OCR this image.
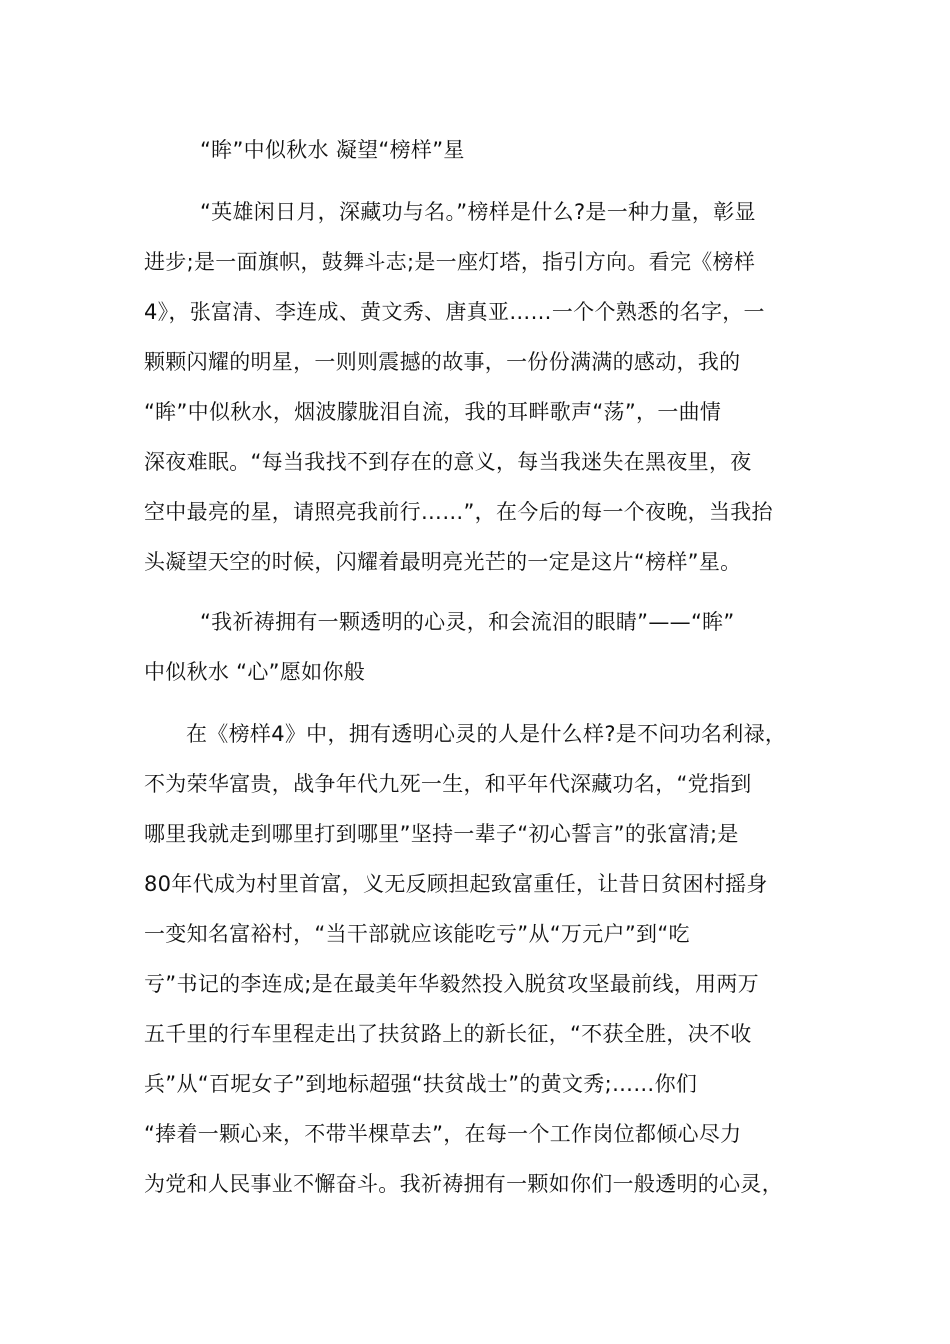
“眸”中似秋水 凝望“榜样”星
“英雄闲日月，深藏功与名。”榜样是什么?是一种力量，彰显
进步;是一面旗帜，鼓舞斗志;是一座灯塔，指引方向。看完《榜样
4》，张富清、李连成、黄文秀、唐真亚……一个个熟悉的名字，一
颗颗闪耀的明星，一则则震撼的故事，一份份满满的感动，我的
“眸”中似秋水，烟波朦胧泪自流，我的耳畔歌声“荡”，一曲情
深夜难眠。“每当我找不到存在的意义，每当我迷失在黑夜里，夜
空中最亮的星，请照亮我前行……”，在今后的每一个夜晚，当我抬
头凝望天空的时候，闪耀着最明亮光芒的一定是这片“榜样”星。
“我祈祷拥有一颗透明的心灵，和会流泪的眼睛”——“眸”
中似秋水 “心”愿如你般
在《榜样4》中，拥有透明心灵的人是什么样?是不问功名利禄，
不为荣华富贵，战争年代九死一生，和平年代深藏功名，“党指到
哪里我就走到哪里打到哪里”坚持一辈子“初心誓言”的张富清;是
80年代成为村里首富，义无反顾担起致富重任，让昔日贫困村摇身
一变知名富裕村，“当干部就应该能吃亏”从“万元户”到“吃
亏”书记的李连成;是在最美年华毅然投入脱贫攻坚最前线，用两万
五千里的行车里程走出了扶贫路上的新长征，“不获全胜，决不收
兵”从“百坭女子”到地标超强“扶贫战士”的黄文秀;……你们
“捧着一颗心来，不带半棵草去”，在每一个工作岗位都倾心尽力
为党和人民事业不懈奋斗。我祈祷拥有一颗如你们一般透明的心灵，
